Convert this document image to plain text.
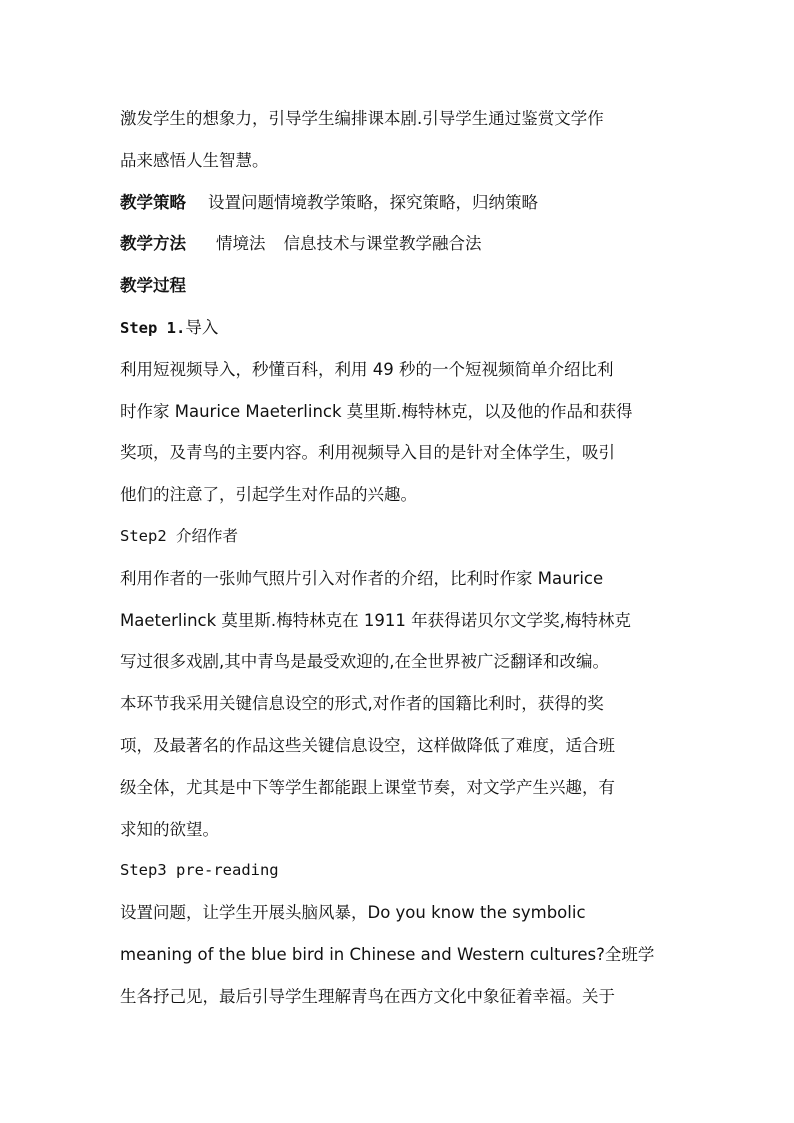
激发学生的想象力，引导学生编排课本剧.引导学生通过鉴赏文学作
品来感悟人生智慧。
教学策略 设置问题情境教学策略，探究策略，归纳策略
教学方法 情境法 信息技术与课堂教学融合法
教学过程
Step 1.导入
利用短视频导入，秒懂百科，利用 49 秒的一个短视频简单介绍比利
时作家 Maurice Maeterlinck 莫里斯.梅特林克，以及他的作品和获得
奖项，及青鸟的主要内容。利用视频导入目的是针对全体学生，吸引
他们的注意了，引起学生对作品的兴趣。
Step2 介绍作者
利用作者的一张帅气照片引入对作者的介绍，比利时作家 Maurice
Maeterlinck 莫里斯.梅特林克在 1911 年获得诺贝尔文学奖,梅特林克
写过很多戏剧,其中青鸟是最受欢迎的,在全世界被广泛翻译和改编。
本环节我采用关键信息设空的形式,对作者的国籍比利时，获得的奖
项，及最著名的作品这些关键信息设空，这样做降低了难度，适合班
级全体，尤其是中下等学生都能跟上课堂节奏，对文学产生兴趣，有
求知的欲望。
Step3 pre-reading
设置问题，让学生开展头脑风暴，Do you know the symbolic
meaning of the blue bird in Chinese and Western cultures?全班学
生各抒己见，最后引导学生理解青鸟在西方文化中象征着幸福。关于
